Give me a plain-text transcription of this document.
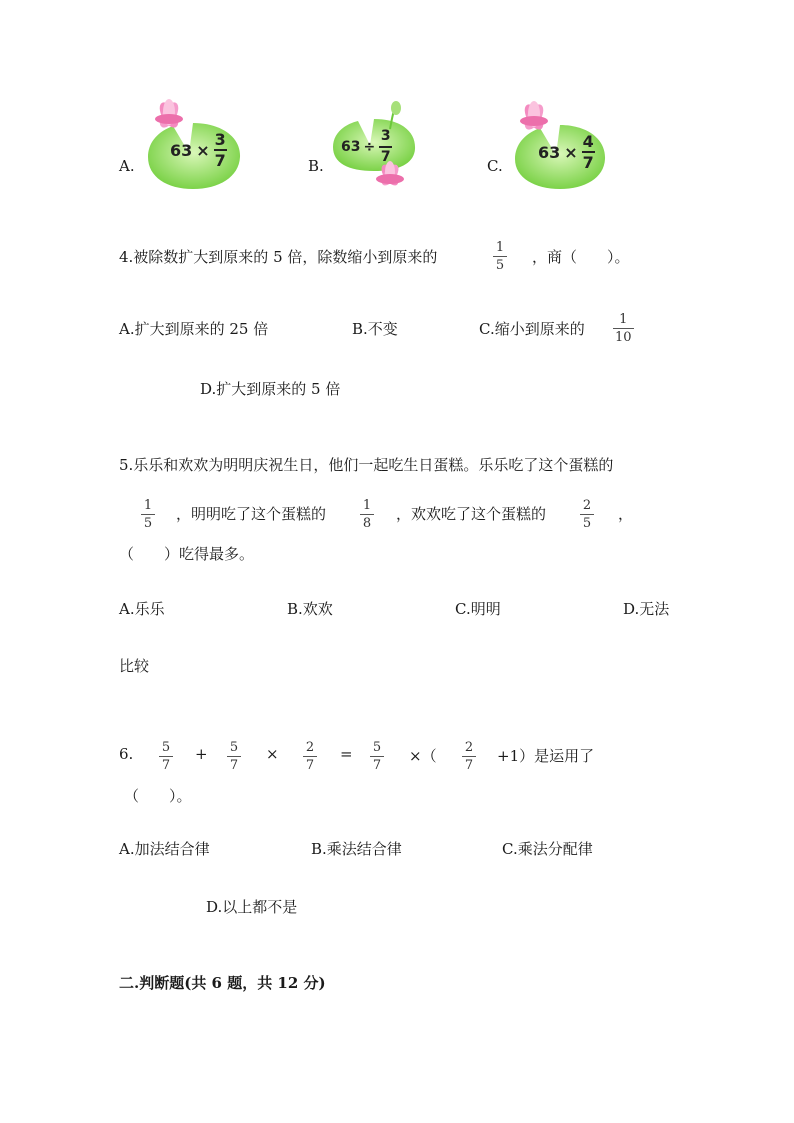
A.
$63 \times \frac{3}{7}$	B.
$63 \div \frac{3}{7}$	C.
$63 \times \frac{4}{7}$
4.被除数扩大到原来的 5 倍，除数缩小到原来的
1
5 ，商（　　）。
A.扩大到原来的 25 倍	B.不变	C.缩小到原来的
1
10
D.扩大到原来的 5 倍
5.乐乐和欢欢为明明庆祝生日，他们一起吃生日蛋糕。乐乐吃了这个蛋糕的
1
5
，明明吃了这个蛋糕的	1
8
，欢欢吃了这个蛋糕的	2
5
，
（　　）吃得最多。
A.乐乐	B.欢欢	C.明明	D.无法
比较
6. 5
7
+ 5
7
× 2
7
= 5
7
×（ 2
7
+1）是运用了
（　　）。
A.加法结合律	B.乘法结合律	C.乘法分配律
D.以上都不是
二.判断题(共 6 题，共 12 分)
